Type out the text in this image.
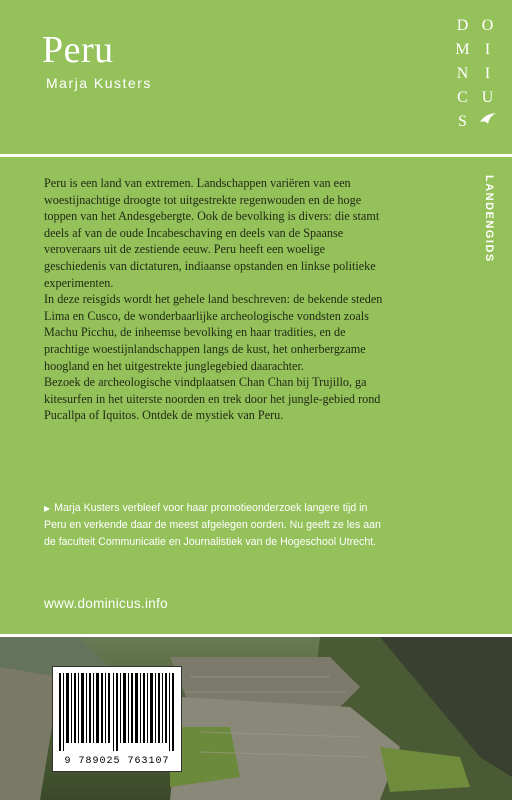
Peru
Marja Kusters
D O
M I
N	I
C U
S
LANDENGIDS

Peru is een land van extremen. Landschappen variëren van een woestijnachtige droogte tot uitgestrekte regenwouden en de hoge toppen van het Andesgebergte. Ook de bevolking is divers: die stamt deels af van de oude Incabeschaving en deels van de Spaanse veroveraars uit de zestiende eeuw. Peru heeft een woelige geschiedenis van dictaturen, indiaanse opstanden en linkse politieke experimenten.

In deze reisgids wordt het gehele land beschreven: de bekende steden Lima en Cusco, de wonderbaarlijke archeologische vondsten zoals Machu Picchu, de inheemse bevolking en haar tradities, en de prachtige woestijnlandschappen langs de kust, het onherbergzame hoogland en het uitgestrekte junglegebied daarachter.

Bezoek de archeologische vindplaatsen Chan Chan bij Trujillo, ga kitesurfen in het uiterste noorden en trek door het jungle-gebied rond Pucallpa of Iquitos. Ontdek de mystiek van Peru.

▶ Marja Kusters verbleef voor haar promotieonderzoek langere tijd in Peru en verkende daar de meest afgelegen oorden. Nu geeft ze les aan de faculteit Communicatie en Journalistiek van de Hogeschool Utrecht.
www.dominicus.info
9 789025 763107
